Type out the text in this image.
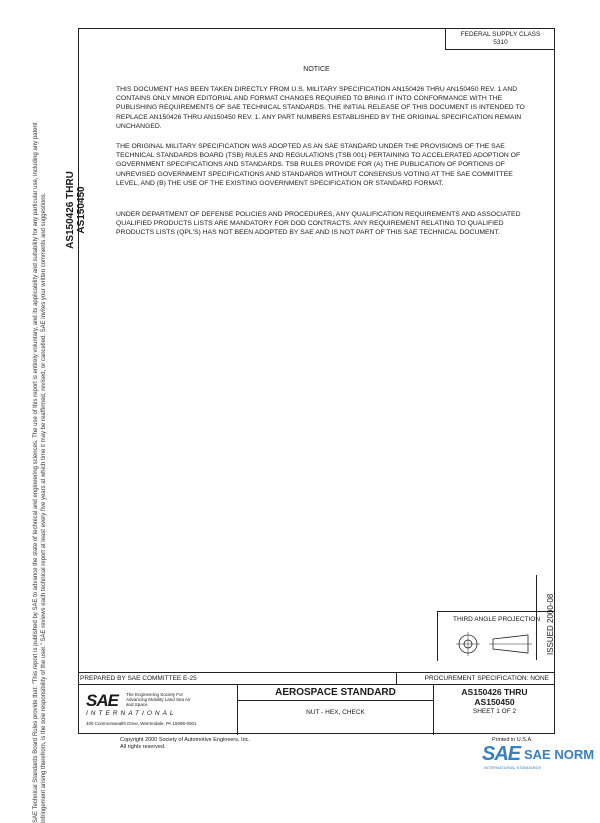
FEDERAL SUPPLY CLASS
5310
AS150426 THRU AS150450
SAE Technical Standards Board Rules provide that: "This report is published by SAE to advance the state of technical and engineering sciences. The use of this report is entirely voluntary, and its applicability and suitability for any particular use, including any patent infringement arising therefrom, is the sole responsibility of the user." SAE reviews each technical report at least every five years at which time it may be reaffirmed, revised, or cancelled. SAE invites your written comments and suggestions.
NOTICE
THIS DOCUMENT HAS BEEN TAKEN DIRECTLY FROM U.S. MILITARY SPECIFICATION AN150426 THRU AN150450 REV. 1 AND CONTAINS ONLY MINOR EDITORIAL AND FORMAT CHANGES REQUIRED TO BRING IT INTO CONFORMANCE WITH THE PUBLISHING REQUIREMENTS OF SAE TECHNICAL STANDARDS. THE INITIAL RELEASE OF THIS DOCUMENT IS INTENDED TO REPLACE AN150426 THRU AN150450 REV. 1. ANY PART NUMBERS ESTABLISHED BY THE ORIGINAL SPECIFICATION REMAIN UNCHANGED.
THE ORIGINAL MILITARY SPECIFICATION WAS ADOPTED AS AN SAE STANDARD UNDER THE PROVISIONS OF THE SAE TECHNICAL STANDARDS BOARD (TSB) RULES AND REGULATIONS (TSB 001) PERTAINING TO ACCELERATED ADOPTION OF GOVERNMENT SPECIFICATIONS AND STANDARDS. TSB RULES PROVIDE FOR (A) THE PUBLICATION OF PORTIONS OF UNREVISED GOVERNMENT SPECIFICATIONS AND STANDARDS WITHOUT CONSENSUS VOTING AT THE SAE COMMITTEE LEVEL, AND (B) THE USE OF THE EXISTING GOVERNMENT SPECIFICATION OR STANDARD FORMAT.
UNDER DEPARTMENT OF DEFENSE POLICIES AND PROCEDURES, ANY QUALIFICATION REQUIREMENTS AND ASSOCIATED QUALIFIED PRODUCTS LISTS ARE MANDATORY FOR DOD CONTRACTS. ANY REQUIREMENT RELATING TO QUALIFIED PRODUCTS LISTS (QPL'S) HAS NOT BEEN ADOPTED BY SAE AND IS NOT PART OF THIS SAE TECHNICAL DOCUMENT.
ISSUED 2000-08
THIRD ANGLE PROJECTION
PREPARED BY SAE COMMITTEE E-25	PROCUREMENT SPECIFICATION: NONE
SAE The Engineering Society For Advancing Mobility Land Sea Air and Space
INTERNATIONAL
400 Commonwealth Drive, Warrendale, PA 15096-0001
AEROSPACE STANDARD
NUT - HEX, CHECK
AS150426 THRU
AS150450
SHEET 1 OF 2
Copyright 2000 Society of Automotive Engineers, Inc.
All rights reserved.
Printed in U.S.A.
SAE SAE NORM
INTERNATIONAL STANDARDS
